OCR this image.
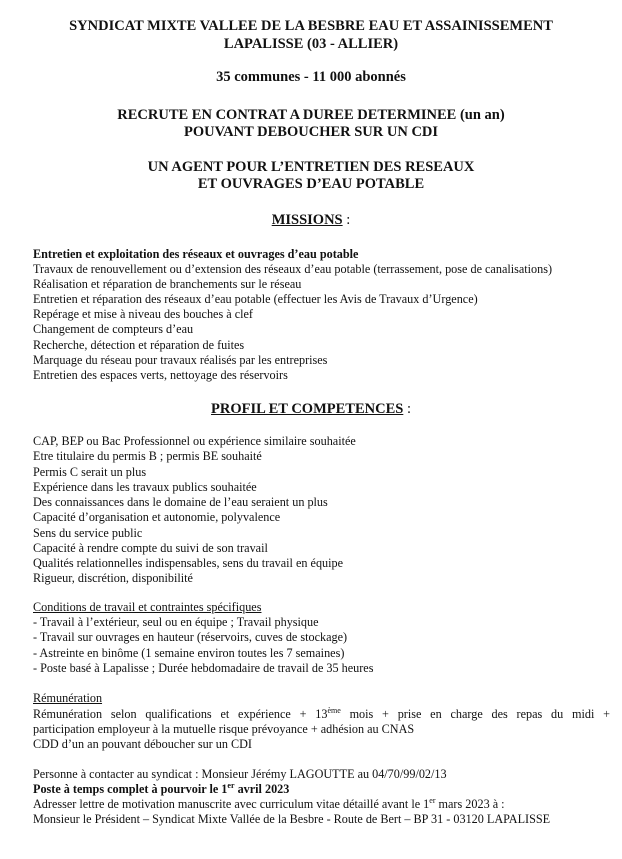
SYNDICAT MIXTE VALLEE DE LA BESBRE EAU ET ASSAINISSEMENT
LAPALISSE (03 - ALLIER)
35 communes - 11 000 abonnés
RECRUTE EN CONTRAT A DUREE DETERMINEE (un an)
POUVANT DEBOUCHER SUR UN CDI
UN AGENT POUR L’ENTRETIEN DES RESEAUX
ET OUVRAGES D’EAU POTABLE
MISSIONS :
Entretien et exploitation des réseaux et ouvrages d’eau potable
Travaux de renouvellement ou d’extension des réseaux d’eau potable (terrassement, pose de canalisations)
Réalisation et réparation de branchements sur le réseau
Entretien et réparation des réseaux d’eau potable (effectuer les Avis de Travaux d’Urgence)
Repérage et mise à niveau des bouches à clef
Changement de compteurs d’eau
Recherche, détection et réparation de fuites
Marquage du réseau pour travaux réalisés par les entreprises
Entretien des espaces verts, nettoyage des réservoirs
PROFIL ET COMPETENCES :
CAP, BEP ou Bac Professionnel ou expérience similaire souhaitée
Etre titulaire du permis B ; permis BE souhaité
Permis C serait un plus
Expérience dans les travaux publics souhaitée
Des connaissances dans le domaine de l’eau seraient un plus
Capacité d’organisation et autonomie, polyvalence
Sens du service public
Capacité à rendre compte du suivi de son travail
Qualités relationnelles indispensables, sens du travail en équipe
Rigueur, discrétion, disponibilité
Conditions de travail et contraintes spécifiques
- Travail à l’extérieur, seul ou en équipe ; Travail physique
- Travail sur ouvrages en hauteur (réservoirs, cuves de stockage)
- Astreinte en binôme (1 semaine environ toutes les 7 semaines)
- Poste basé à Lapalisse ; Durée hebdomadaire de travail de 35 heures
Rémunération
Rémunération selon qualifications et expérience + 13ème mois + prise en charge des repas du midi +
participation employeur à la mutuelle risque prévoyance + adhésion au CNAS
CDD d’un an pouvant déboucher sur un CDI
Personne à contacter au syndicat : Monsieur Jérémy LAGOUTTE au 04/70/99/02/13
Poste à temps complet à pourvoir le 1er avril 2023
Adresser lettre de motivation manuscrite avec curriculum vitae détaillé avant le 1er mars 2023 à :
Monsieur le Président – Syndicat Mixte Vallée de la Besbre - Route de Bert – BP 31 - 03120 LAPALISSE
